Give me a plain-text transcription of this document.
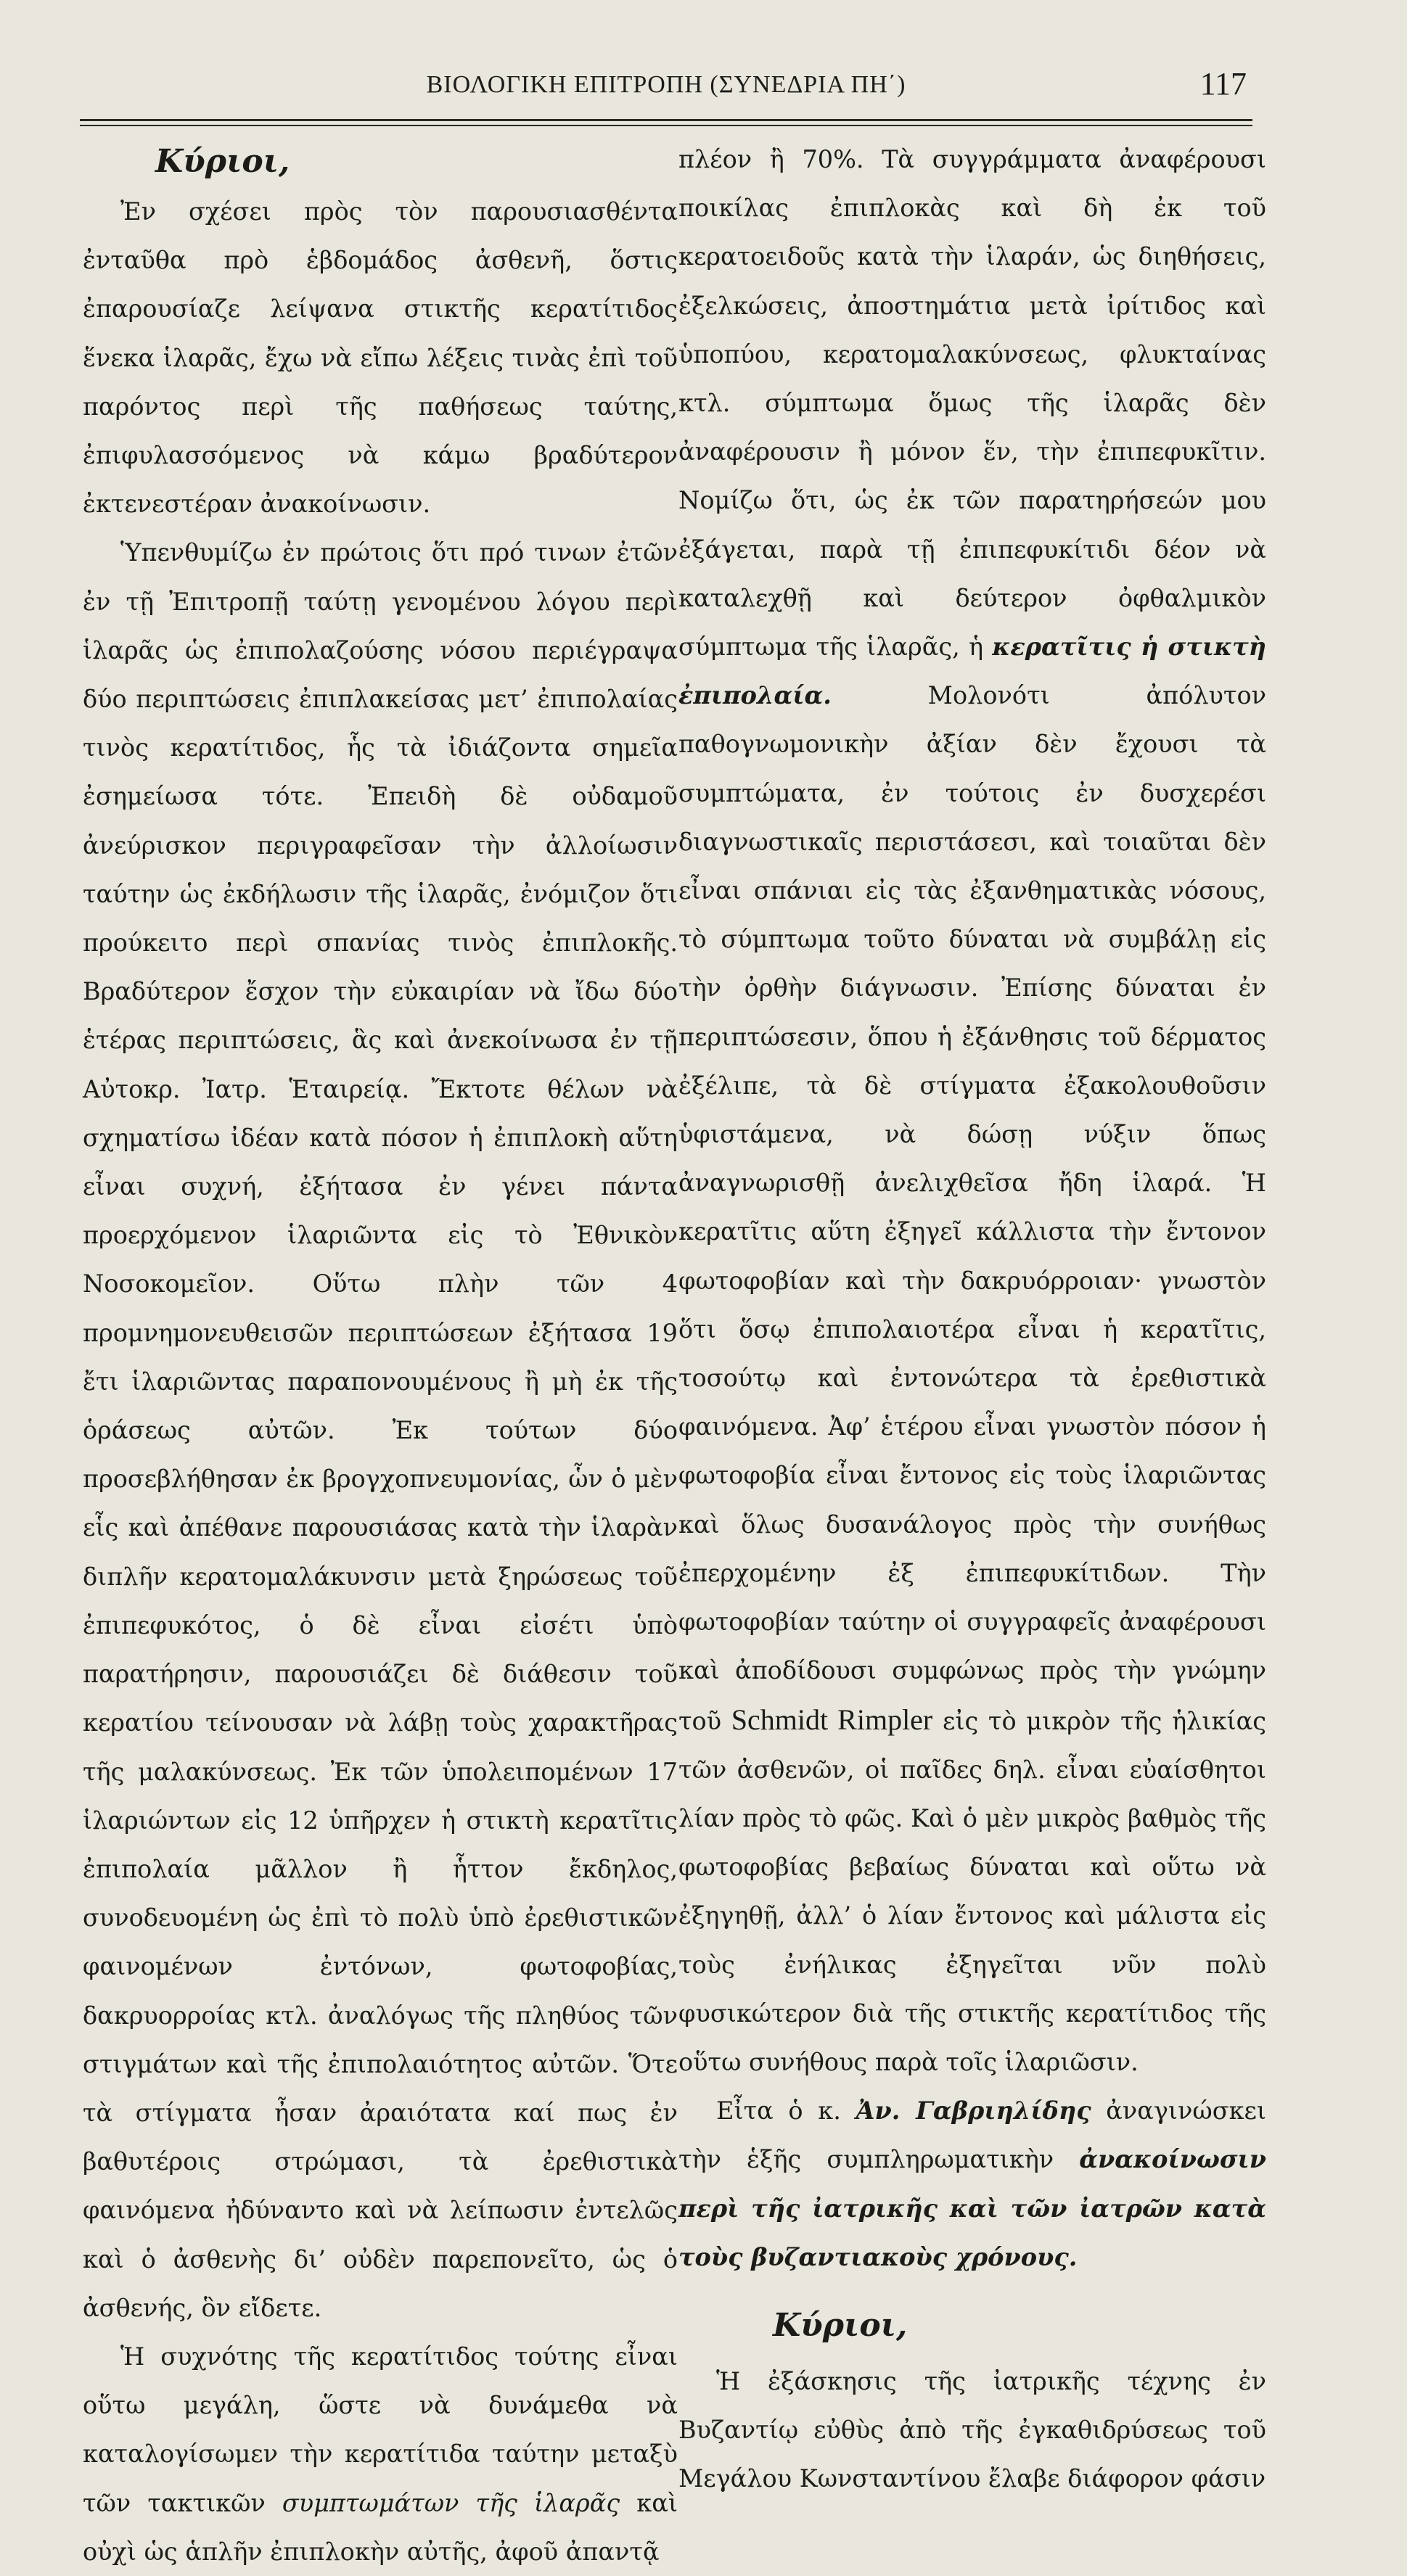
ΒΙΟΛΟΓΙΚΗ ΕΠΙΤΡΟΠΗ (ΣΥΝΕΔΡΙΑ ΠΗ΄)	117
Κύριοι,

Ἐν σχέσει πρὸς τὸν παρουσιασθέντα ἐνταῦθα πρὸ ἑβδομάδος ἀσθενῆ, ὅστις ἐπαρουσίαζε λείψανα στικτῆς κερατίτιδος ἕνεκα ἱλαρᾶς, ἔχω νὰ εἴπω λέξεις τινὰς ἐπὶ τοῦ παρόντος περὶ τῆς παθήσεως ταύτης, ἐπιφυλασσόμενος νὰ κάμω βραδύτερον ἐκτενεστέραν ἀνακοίνωσιν.

Ὑπενθυμίζω ἐν πρώτοις ὅτι πρό τινων ἐτῶν ἐν τῇ Ἐπιτροπῇ ταύτῃ γενομένου λόγου περὶ ἱλαρᾶς ὡς ἐπιπολαζούσης νόσου περιέγραψα δύο περιπτώσεις ἐπιπλακείσας μετ’ ἐπιπολαίας τινὸς κερατίτιδος, ἧς τὰ ἰδιάζοντα σημεῖα ἐσημείωσα τότε. Ἐπειδὴ δὲ οὐδαμοῦ ἀνεύρισκον περιγραφεῖσαν τὴν ἀλλοίωσιν ταύτην ὡς ἐκδήλωσιν τῆς ἱλαρᾶς, ἐνόμιζον ὅτι προύκειτο περὶ σπανίας τινὸς ἐπιπλοκῆς. Βραδύτερον ἔσχον τὴν εὐκαιρίαν νὰ ἴδω δύο ἑτέρας περιπτώσεις, ἃς καὶ ἀνεκοίνωσα ἐν τῇ Αὐτοκρ. Ἰατρ. Ἑταιρείᾳ. Ἔκτοτε θέλων νὰ σχηματίσω ἰδέαν κατὰ πόσον ἡ ἐπιπλοκὴ αὕτη εἶναι συχνή, ἐξήτασα ἐν γένει πάντα προερχόμενον ἱλαριῶντα εἰς τὸ Ἐθνικὸν Νοσοκομεῖον. Οὕτω πλὴν τῶν 4 προμνημονευθεισῶν περιπτώσεων ἐξήτασα 19 ἔτι ἱλαριῶντας παραπονουμένους ἢ μὴ ἐκ τῆς ὁράσεως αὐτῶν. Ἐκ τούτων δύο προσεβλήθησαν ἐκ βρογχοπνευμονίας, ὧν ὁ μὲν εἷς καὶ ἀπέθανε παρουσιάσας κατὰ τὴν ἱλαρὰν διπλῆν κερατομαλάκυνσιν μετὰ ξηρώσεως τοῦ ἐπιπεφυκότος, ὁ δὲ εἶναι εἰσέτι ὑπὸ παρατήρησιν, παρουσιάζει δὲ διάθεσιν τοῦ κερατίου τείνουσαν νὰ λάβῃ τοὺς χαρακτῆρας τῆς μαλακύνσεως. Ἐκ τῶν ὑπολειπομένων 17 ἱλαριώντων εἰς 12 ὑπῆρχεν ἡ στικτὴ κερατῖτις ἐπιπολαία μᾶλλον ἢ ἧττον ἔκδηλος, συνοδευομένη ὡς ἐπὶ τὸ πολὺ ὑπὸ ἐρεθιστικῶν φαινομένων ἐντόνων, φωτοφοβίας, δακρυορροίας κτλ. ἀναλόγως τῆς πληθύος τῶν στιγμάτων καὶ τῆς ἐπιπολαιότητος αὐτῶν. Ὅτε τὰ στίγματα ἦσαν ἀραιότατα καί πως ἐν βαθυτέροις στρώμασι, τὰ ἐρεθιστικὰ φαινόμενα ἠδύναντο καὶ νὰ λείπωσιν ἐντελῶς καὶ ὁ ἀσθενὴς δι’ οὐδὲν παρεπονεῖτο, ὡς ὁ ἀσθενής, ὃν εἴδετε.

Ἡ συχνότης τῆς κερατίτιδος τούτης εἶναι οὕτω μεγάλη, ὥστε νὰ δυνάμεθα νὰ καταλογίσωμεν τὴν κερατίτιδα ταύτην μεταξὺ τῶν τακτικῶν συμπτωμάτων τῆς ἱλαρᾶς καὶ οὐχὶ ὡς ἁπλῆν ἐπιπλοκὴν αὐτῆς, ἀφοῦ ἀπαντᾷ

πλέον ἢ 70%. Τὰ συγγράμματα ἀναφέρουσι ποικίλας ἐπιπλοκὰς καὶ δὴ ἐκ τοῦ κερατοειδοῦς κατὰ τὴν ἱλαράν, ὡς διηθήσεις, ἐξελκώσεις, ἀποστημάτια μετὰ ἰρίτιδος καὶ ὑποπύου, κερατομαλακύνσεως, φλυκταίνας κτλ. σύμπτωμα ὅμως τῆς ἱλαρᾶς δὲν ἀναφέρουσιν ἢ μόνον ἕν, τὴν ἐπιπεφυκῖτιν. Νομίζω ὅτι, ὡς ἐκ τῶν παρατηρήσεών μου ἐξάγεται, παρὰ τῇ ἐπιπεφυκίτιδι δέον νὰ καταλεχθῇ καὶ δεύτερον ὀφθαλμικὸν σύμπτωμα τῆς ἱλαρᾶς, ἡ κερατῖτις ἡ στικτὴ ἐπιπολαία.	Μολονότι ἀπόλυτον παθογνωμονικὴν ἀξίαν δὲν ἔχουσι τὰ συμπτώματα, ἐν τούτοις ἐν δυσχερέσι διαγνωστικαῖς περιστάσεσι, καὶ τοιαῦται δὲν εἶναι σπάνιαι εἰς τὰς ἐξανθηματικὰς νόσους, τὸ σύμπτωμα τοῦτο δύναται νὰ συμβάλῃ εἰς τὴν ὀρθὴν διάγνωσιν. Ἐπίσης δύναται ἐν περιπτώσεσιν, ὅπου ἡ ἐξάνθησις τοῦ δέρματος ἐξέλιπε, τὰ δὲ στίγματα ἐξακολουθοῦσιν ὑφιστάμενα, νὰ δώσῃ νύξιν ὅπως ἀναγνωρισθῇ ἀνελιχθεῖσα ἤδη ἱλαρά. Ἡ κερατῖτις αὕτη ἐξηγεῖ κάλλιστα τὴν ἔντονον φωτοφοβίαν καὶ τὴν δακρυόρροιαν· γνωστὸν ὅτι ὅσῳ ἐπιπολαιοτέρα εἶναι ἡ κερατῖτις, τοσούτῳ καὶ ἐντονώτερα τὰ ἐρεθιστικὰ φαινόμενα. Ἀφ’ ἑτέρου εἶναι γνωστὸν πόσον ἡ φωτοφοβία εἶναι ἔντονος εἰς τοὺς ἱλαριῶντας καὶ ὅλως δυσανάλογος πρὸς τὴν συνήθως ἐπερχομένην ἐξ ἐπιπεφυκίτιδων. Τὴν φωτοφοβίαν ταύτην οἱ συγγραφεῖς ἀναφέρουσι καὶ ἀποδίδουσι συμφώνως πρὸς τὴν γνώμην τοῦ Schmidt Rimpler εἰς τὸ μικρὸν τῆς ἡλικίας τῶν ἀσθενῶν, οἱ παῖδες δηλ. εἶναι εὐαίσθητοι λίαν πρὸς τὸ φῶς. Καὶ ὁ μὲν μικρὸς βαθμὸς τῆς φωτοφοβίας βεβαίως δύναται καὶ οὕτω νὰ ἐξηγηθῇ, ἀλλ’ ὁ λίαν ἔντονος καὶ μάλιστα εἰς τοὺς ἐνήλικας ἐξηγεῖται νῦν πολὺ φυσικώτερον διὰ τῆς στικτῆς κερατίτιδος τῆς οὕτω συνήθους παρὰ τοῖς ἱλαριῶσιν.

Εἶτα ὁ κ. Ἀν. Γαβριηλίδης ἀναγινώσκει τὴν ἑξῆς συμπληρωματικὴν ἀνακοίνωσιν περὶ τῆς ἰατρικῆς καὶ τῶν ἰατρῶν κατὰ τοὺς βυζαντιακοὺς χρόνους.

Κύριοι,

Ἡ ἐξάσκησις τῆς ἰατρικῆς τέχνης ἐν Βυζαντίῳ εὐθὺς ἀπὸ τῆς ἐγκαθιδρύσεως τοῦ Μεγάλου Κωνσταντίνου ἔλαβε διάφορον φάσιν
